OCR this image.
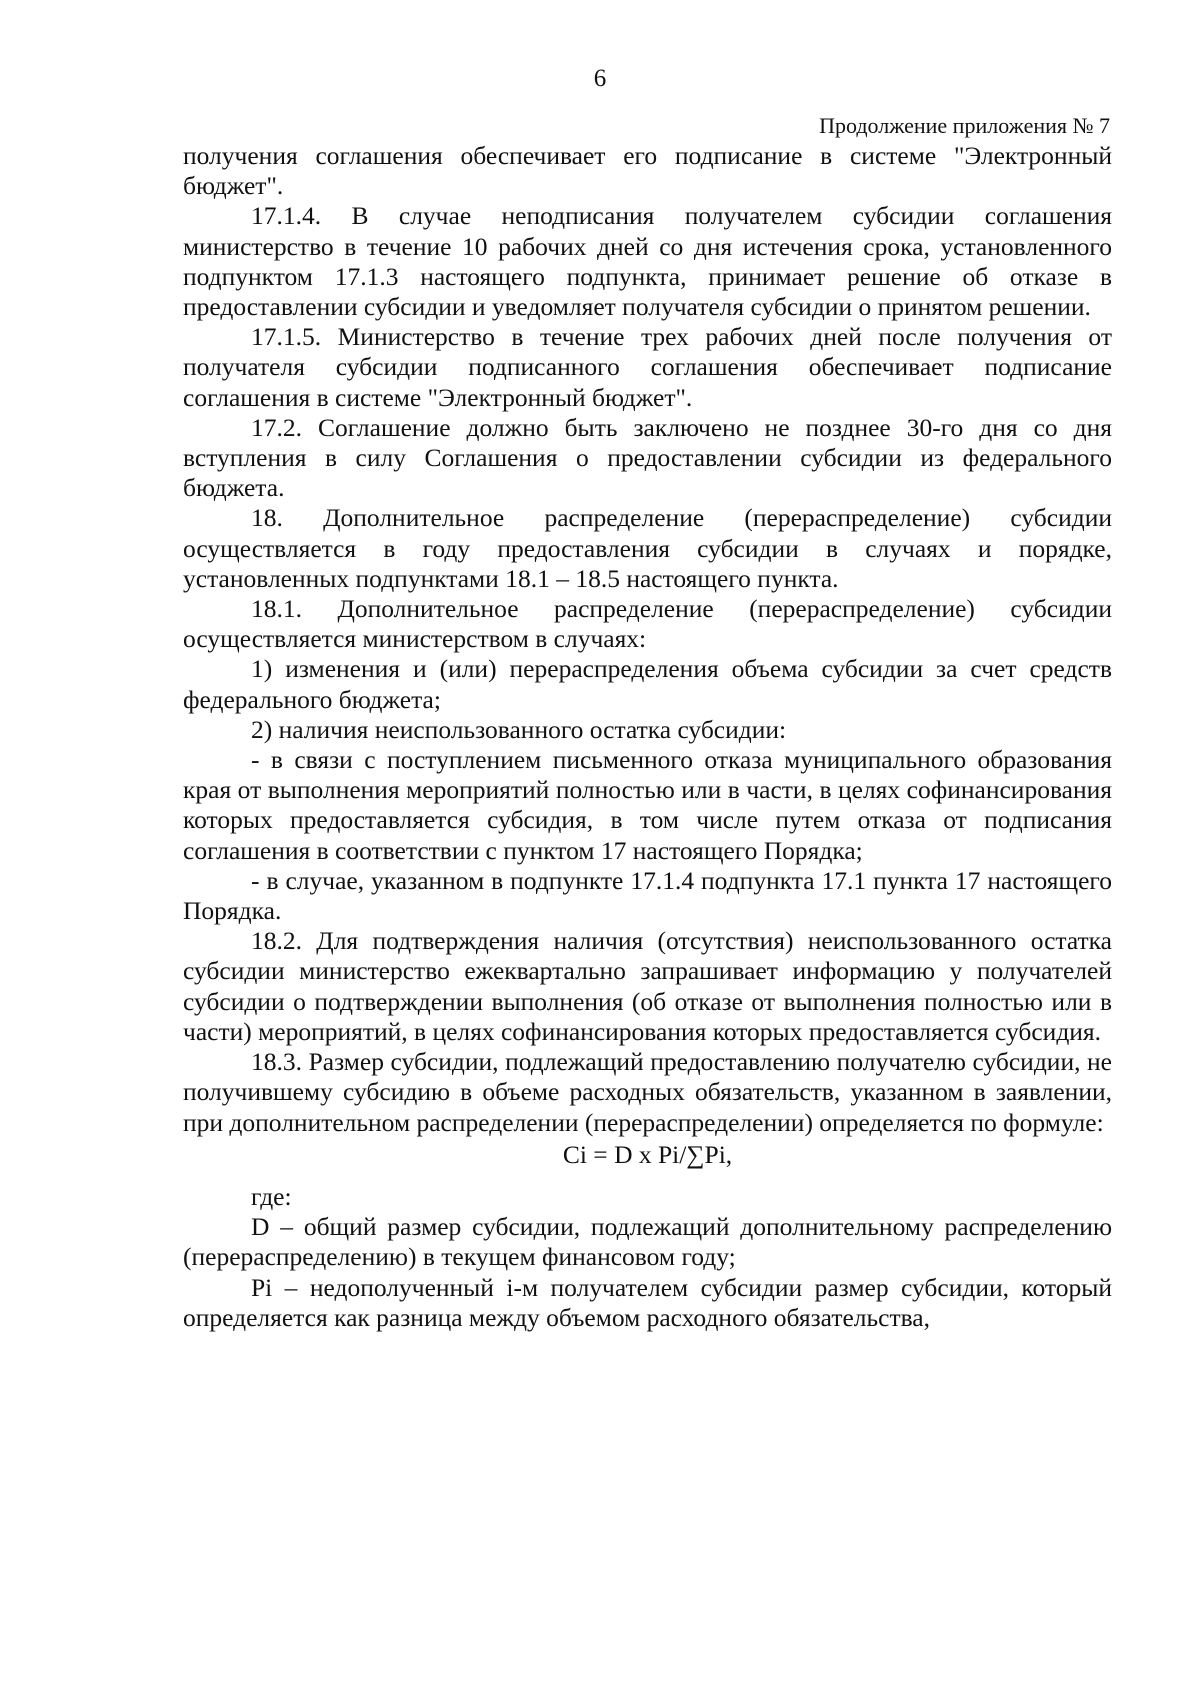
6
Продолжение приложения № 7

получения соглашения обеспечивает его подписание в системе "Электронный бюджет".

17.1.4. В случае неподписания получателем субсидии соглашения министерство в течение 10 рабочих дней со дня истечения срока, установленного подпунктом 17.1.3 настоящего подпункта, принимает решение об отказе в предоставлении субсидии и уведомляет получателя субсидии о принятом решении.

17.1.5. Министерство в течение трех рабочих дней после получения от получателя субсидии подписанного соглашения обеспечивает подписание соглашения в системе "Электронный бюджет".

17.2. Соглашение должно быть заключено не позднее 30-го дня со дня вступления в силу Соглашения о предоставлении субсидии из федерального бюджета.

18. Дополнительное распределение (перераспределение) субсидии осуществляется в году предоставления субсидии в случаях и порядке, установленных подпунктами 18.1 – 18.5 настоящего пункта.

18.1. Дополнительное распределение (перераспределение) субсидии осуществляется министерством в случаях:

1) изменения и (или) перераспределения объема субсидии за счет средств федерального бюджета;

2) наличия неиспользованного остатка субсидии:

- в связи с поступлением письменного отказа муниципального образования края от выполнения мероприятий полностью или в части, в целях софинансирования которых предоставляется субсидия, в том числе путем отказа от подписания соглашения в соответствии с пунктом 17 настоящего Порядка;

- в случае, указанном в подпункте 17.1.4 подпункта 17.1 пункта 17 настоящего Порядка.

18.2. Для подтверждения наличия (отсутствия) неиспользованного остатка субсидии министерство ежеквартально запрашивает информацию у получателей субсидии о подтверждении выполнения (об отказе от выполнения полностью или в части) мероприятий, в целях софинансирования которых предоставляется субсидия.

18.3. Размер субсидии, подлежащий предоставлению получателю субсидии, не получившему субсидию в объеме расходных обязательств, указанном в заявлении, при дополнительном распределении (перераспределении) определяется по формуле:

Ci = D x Pi/∑Pi,

где:

D – общий размер субсидии, подлежащий дополнительному распределению (перераспределению) в текущем финансовом году;

Pi – недополученный i-м получателем субсидии размер субсидии, который определяется как разница между объемом расходного обязательства,
